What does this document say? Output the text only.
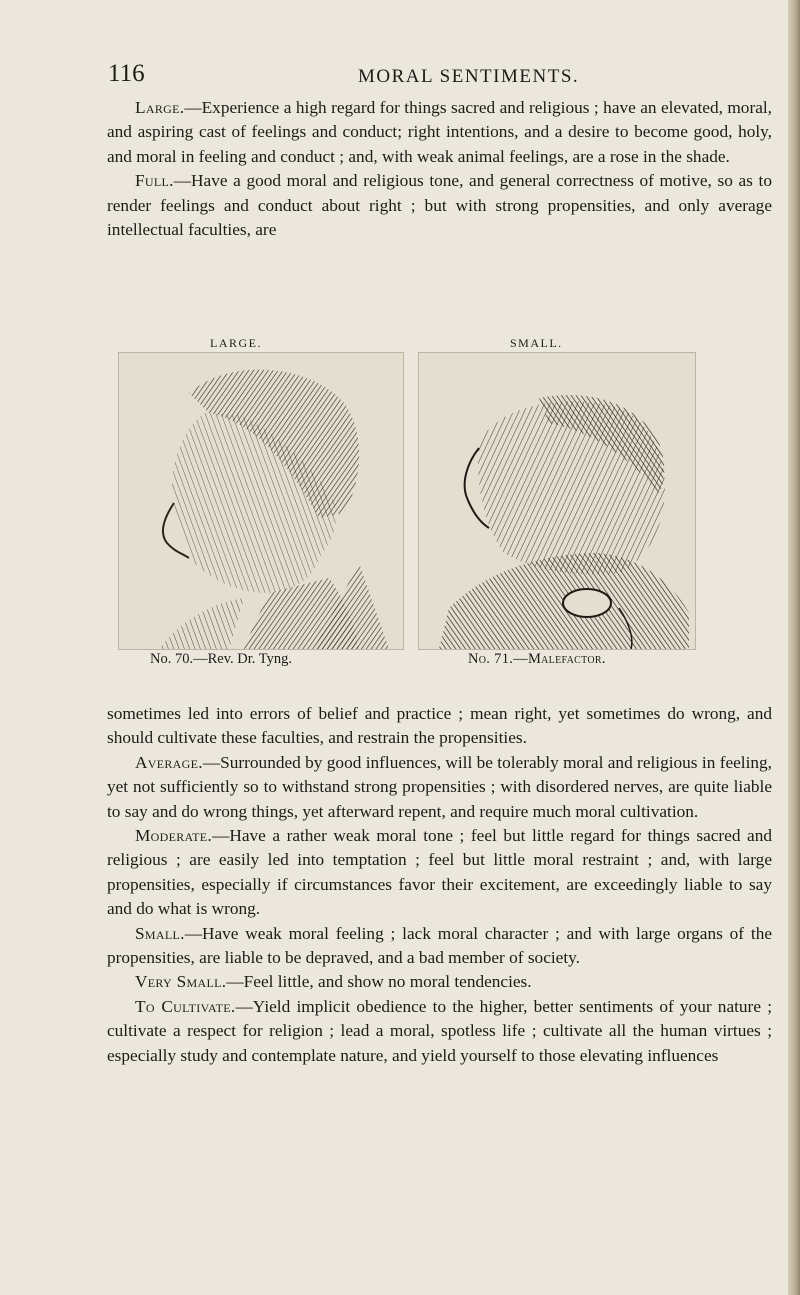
116	MORAL SENTIMENTS.

Large.—Experience a high regard for things sacred and religious ; have an elevated, moral, and aspiring cast of feelings and conduct; right intentions, and a desire to become good, holy, and moral in feeling and conduct ; and, with weak animal feelings, are a rose in the shade.

Full.—Have a good moral and religious tone, and general correctness of motive, so as to render feelings and conduct about right ; but with strong propensities, and only average intellectual faculties, are

LARGE.	SMALL.
No. 70.—Rev. Dr. Tyng.	No. 71.—Malefactor.

sometimes led into errors of belief and practice ; mean right, yet sometimes do wrong, and should cultivate these faculties, and restrain the propensities.

Average.—Surrounded by good influences, will be tolerably moral and religious in feeling, yet not sufficiently so to withstand strong propensities ; with disordered nerves, are quite liable to say and do wrong things, yet afterward repent, and require much moral cultivation.

Moderate.—Have a rather weak moral tone ; feel but little regard for things sacred and religious ; are easily led into temptation ; feel but little moral restraint ; and, with large propensities, especially if circumstances favor their excitement, are exceedingly liable to say and do what is wrong.

Small.—Have weak moral feeling ; lack moral character ; and with large organs of the propensities, are liable to be depraved, and a bad member of society.

Very Small.—Feel little, and show no moral tendencies.

To Cultivate.—Yield implicit obedience to the higher, better sentiments of your nature ; cultivate a respect for religion ; lead a moral, spotless life ; cultivate all the human virtues ; especially study and contemplate nature, and yield yourself to those elevating influences
